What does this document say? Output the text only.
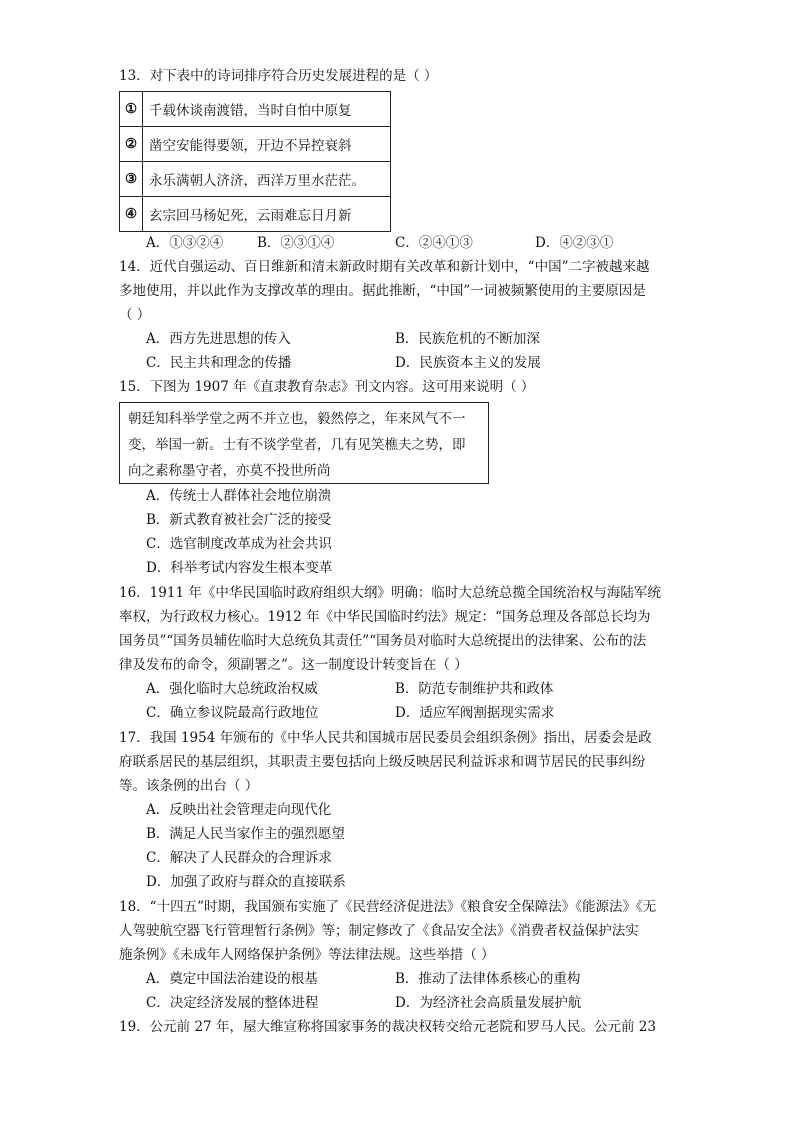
13．对下表中的诗词排序符合历史发展进程的是（ ）
①	千载休谈南渡错，当时自怕中原复
②	凿空安能得要领，开边不异控衰斜
③	永乐满朝人济济，西洋万里水茫茫。
④	玄宗回马杨妃死，云雨难忘日月新
A．①③②④	B．②③①④	C．②④①③	D．④②③①
14．近代自强运动、百日维新和清末新政时期有关改革和新计划中，“中国”二字被越来越
多地使用，并以此作为支撑改革的理由。据此推断，“中国”一词被频繁使用的主要原因是
（ ）
A．西方先进思想的传入	B．民族危机的不断加深
C．民主共和理念的传播	D．民族资本主义的发展
15．下图为 1907 年《直隶教育杂志》刊文内容。这可用来说明（ ）
朝廷知科举学堂之两不并立也，毅然停之，年来风气不一
变，举国一新。士有不谈学堂者，几有见笑樵夫之势，即
向之素称墨守者，亦莫不投世所尚
A．传统士人群体社会地位崩溃
B．新式教育被社会广泛的接受
C．选官制度改革成为社会共识
D．科举考试内容发生根本变革
16．1911 年《中华民国临时政府组织大纲》明确：临时大总统总揽全国统治权与海陆军统
率权，为行政权力核心。1912 年《中华民国临时约法》规定：“国务总理及各部总长均为
国务员”“国务员辅佐临时大总统负其责任”“国务员对临时大总统提出的法律案、公布的法
律及发布的命令，须副署之”。这一制度设计转变旨在（ ）
A．强化临时大总统政治权威	B．防范专制维护共和政体
C．确立参议院最高行政地位	D．适应军阀割据现实需求
17．我国 1954 年颁布的《中华人民共和国城市居民委员会组织条例》指出，居委会是政
府联系居民的基层组织，其职责主要包括向上级反映居民利益诉求和调节居民的民事纠纷
等。该条例的出台（ ）
A．反映出社会管理走向现代化
B．满足人民当家作主的强烈愿望
C．解决了人民群众的合理诉求
D．加强了政府与群众的直接联系
18．“十四五”时期，我国颁布实施了《民营经济促进法》《粮食安全保障法》《能源法》《无
人驾驶航空器飞行管理暂行条例》等；制定修改了《食品安全法》《消费者权益保护法实
施条例》《未成年人网络保护条例》等法律法规。这些举措（ ）
A．奠定中国法治建设的根基	B．推动了法律体系核心的重构
C．决定经济发展的整体进程	D．为经济社会高质量发展护航
19．公元前 27 年，屋大维宣称将国家事务的裁决权转交给元老院和罗马人民。公元前 23
